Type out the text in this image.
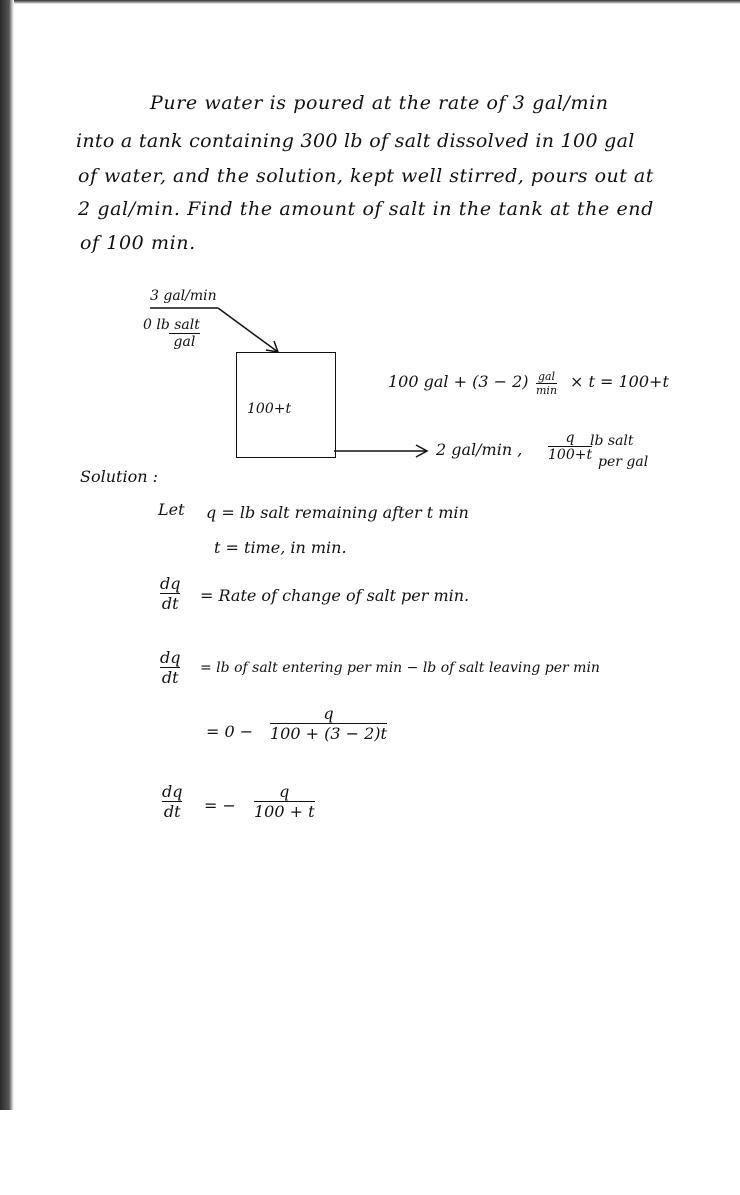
Pure water is poured at the rate of 3 gal/min
into a tank containing 300 lb of salt dissolved in 100 gal
of water, and the solution, kept well stirred, pours out at
2 gal/min. Find the amount of salt in the tank at the end
of 100 min.
3 gal/min
0 lb salt
gal
100+t
100 gal + (3 − 2) gal
min × t = 100+t
2 gal/min ,
q
100+t
lb salt
per gal
Solution :
Let q = lb salt remaining after t min
t = time, in min.
dq
dt = Rate of change of salt per min.
dq
dt = lb of salt entering per min − lb of salt leaving per min
= 0 −
q
100 + (3 − 2)t
dq
dt = −
q
100 + t
